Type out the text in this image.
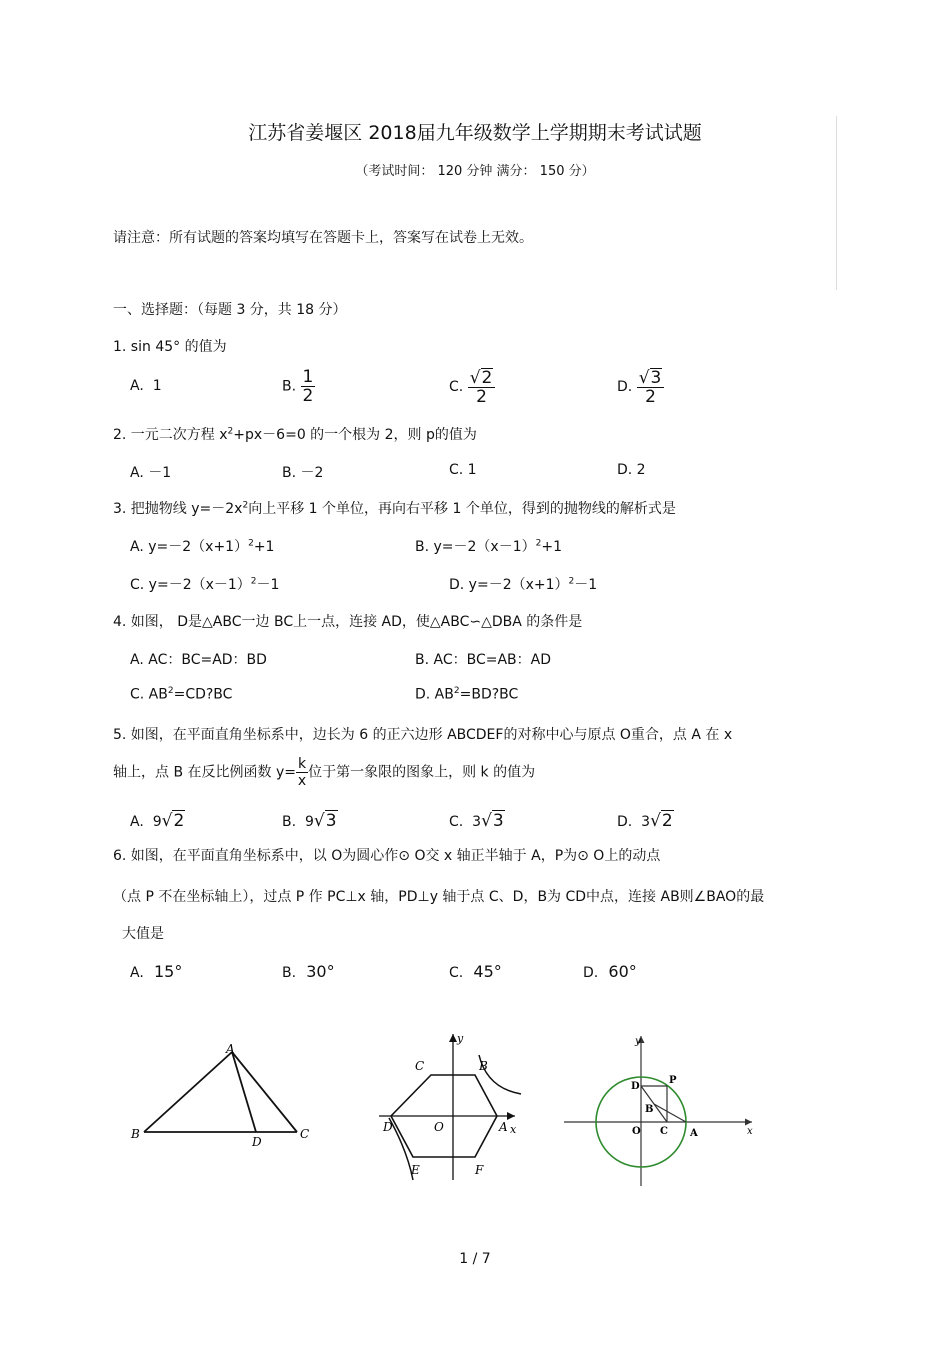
江苏省姜堰区 2018届九年级数学上学期期末考试试题
（考试时间： 120 分钟 满分： 150 分）
请注意：所有试题的答案均填写在答题卡上，答案写在试卷上无效。
一、选择题：（每题 3 分，共 18 分）
1. sin 45° 的值为
A. 1	B. $\frac{1}{2}$	C. $\frac{√2}{2}$	D. $\frac{√3}{2}$
2. 一元二次方程 $x^2+px-6=0$ 的一个根为 2，则 p的值为
A. －1	B. －2	C. 1	D. 2
3. 把抛物线 $y=-2x^2$向上平移 1 个单位，再向右平移 1 个单位，得到的抛物线的解析式是
A. $y=-2(x+1)^2+1$	B. $y=-2(x-1)^2+1$
C. $y=-2(x-1)^2-1$	D. $y=-2(x+1)^2-1$
4. 如图， D是△ABC一边 BC上一点，连接 AD，使△ABC∽△DBA 的条件是
A. AC：BC=AD：BD	B. AC：BC=AB：AD
C. $AB^2=CD?BC$	D. $AB^2=BD?BC$
5. 如图，在平面直角坐标系中，边长为 6 的正六边形 ABCDEF的对称中心与原点 O重合，点 A 在 x
轴上，点 B 在反比例函数 $y= \frac{k}{x}$ 位于第一象限的图象上，则 k 的值为
A. 9√2	B. 9√3	C. 3√3	D. 3√2
6. 如图，在平面直角坐标系中，以 O为圆心作⊙ O交 x 轴正半轴于 A，P为⊙ O上的动点
（点 P 不在坐标轴上），过点 P 作 PC⊥x 轴，PD⊥y 轴于点 C、D，B为 CD中点，连接 AB则∠BAO的最
大值是
A. 15°	B. 30°	C. 45°	D. 60°
A
B	C
D
y
x
O	A
B
C
D
E	F
y
x
O	A
B
C
D
P
1 / 7
